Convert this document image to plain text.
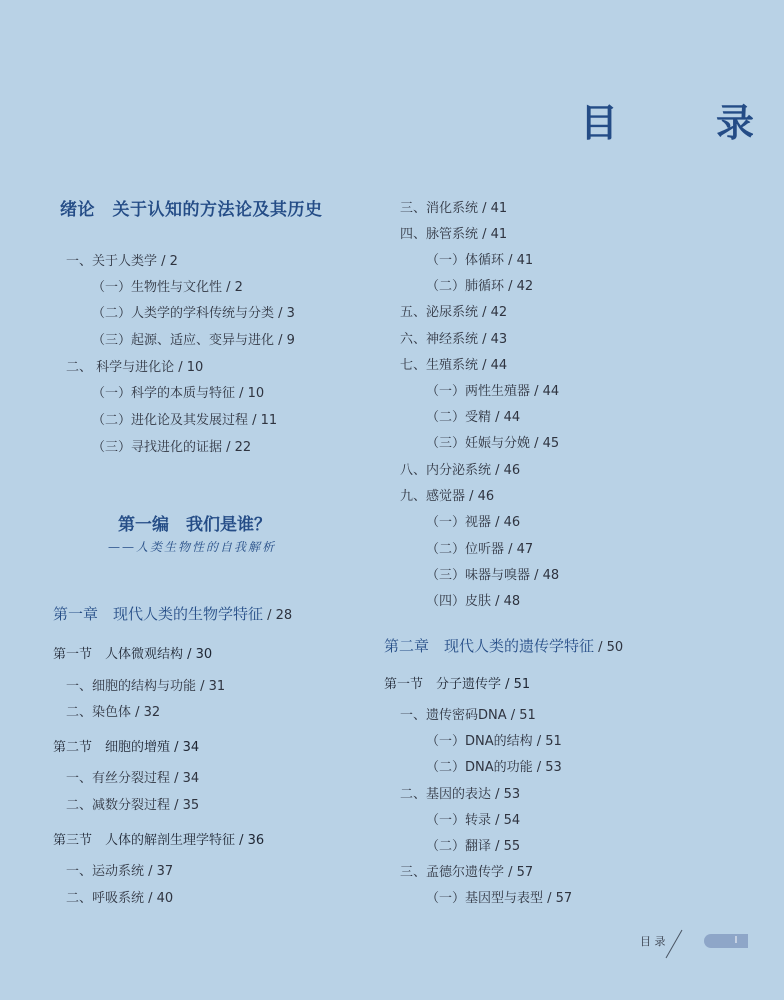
目　录
绪论　关于认知的方法论及其历史
一、关于人类学 / 2
（一）生物性与文化性 / 2
（二）人类学的学科传统与分类 / 3
（三）起源、适应、变异与进化 / 9
二、 科学与进化论 / 10
（一）科学的本质与特征 / 10
（二）进化论及其发展过程 / 11
（三）寻找进化的证据 / 22
第一编　我们是谁？
——人类生物性的自我解析
第一章　现代人类的生物学特征 / 28
第一节　人体微观结构 / 30
一、细胞的结构与功能 / 31
二、染色体 / 32
第二节　细胞的增殖 / 34
一、有丝分裂过程 / 34
二、减数分裂过程 / 35
第三节　人体的解剖生理学特征 / 36
一、运动系统 / 37
二、呼吸系统 / 40
三、消化系统 / 41
四、脉管系统 / 41
（一）体循环 / 41
（二）肺循环 / 42
五、泌尿系统 / 42
六、神经系统 / 43
七、生殖系统 / 44
（一）两性生殖器 / 44
（二）受精 / 44
（三）妊娠与分娩 / 45
八、内分泌系统 / 46
九、感觉器 / 46
（一）视器 / 46
（二）位听器 / 47
（三）味器与嗅器 / 48
（四）皮肤 / 48
第二章　现代人类的遗传学特征 / 50
第一节　分子遗传学 / 51
一、遗传密码DNA / 51
（一）DNA的结构 / 51
（二）DNA的功能 / 53
二、基因的表达 / 53
（一）转录 / 54
（二）翻译 / 55
三、孟德尔遗传学 / 57
（一）基因型与表型 / 57
目 录	I
